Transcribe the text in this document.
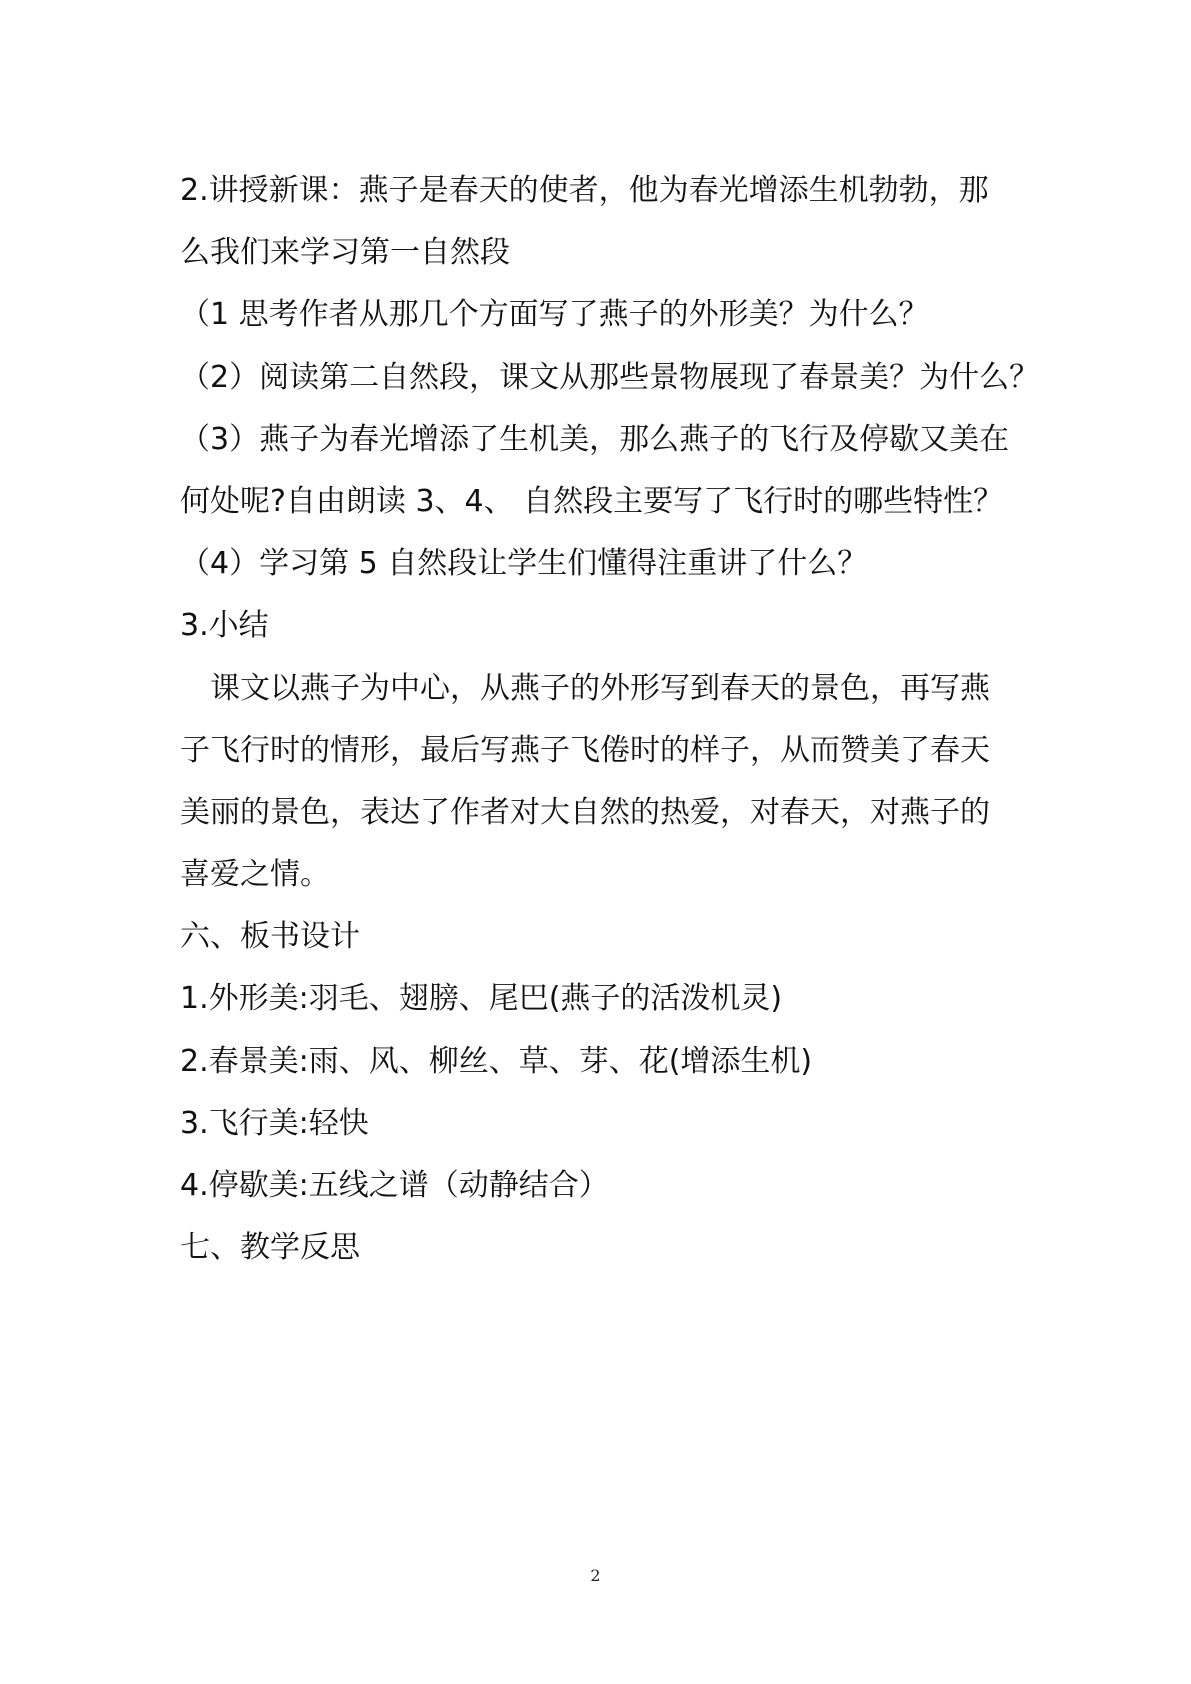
2.讲授新课：燕子是春天的使者，他为春光增添生机勃勃，那
么我们来学习第一自然段
（1 思考作者从那几个方面写了燕子的外形美？为什么？
（2）阅读第二自然段，课文从那些景物展现了春景美？为什么？
（3）燕子为春光增添了生机美，那么燕子的飞行及停歇又美在
何处呢?自由朗读 3、4、 自然段主要写了飞行时的哪些特性？
（4）学习第 5 自然段让学生们懂得注重讲了什么？
3.小结
课文以燕子为中心，从燕子的外形写到春天的景色，再写燕
子飞行时的情形，最后写燕子飞倦时的样子，从而赞美了春天
美丽的景色，表达了作者对大自然的热爱，对春天，对燕子的
喜爱之情。
六、板书设计
1.外形美:羽毛、翅膀、尾巴(燕子的活泼机灵)
2.春景美:雨、风、柳丝、草、芽、花(增添生机)
3.飞行美:轻快
4.停歇美:五线之谱（动静结合）
七、教学反思
2
